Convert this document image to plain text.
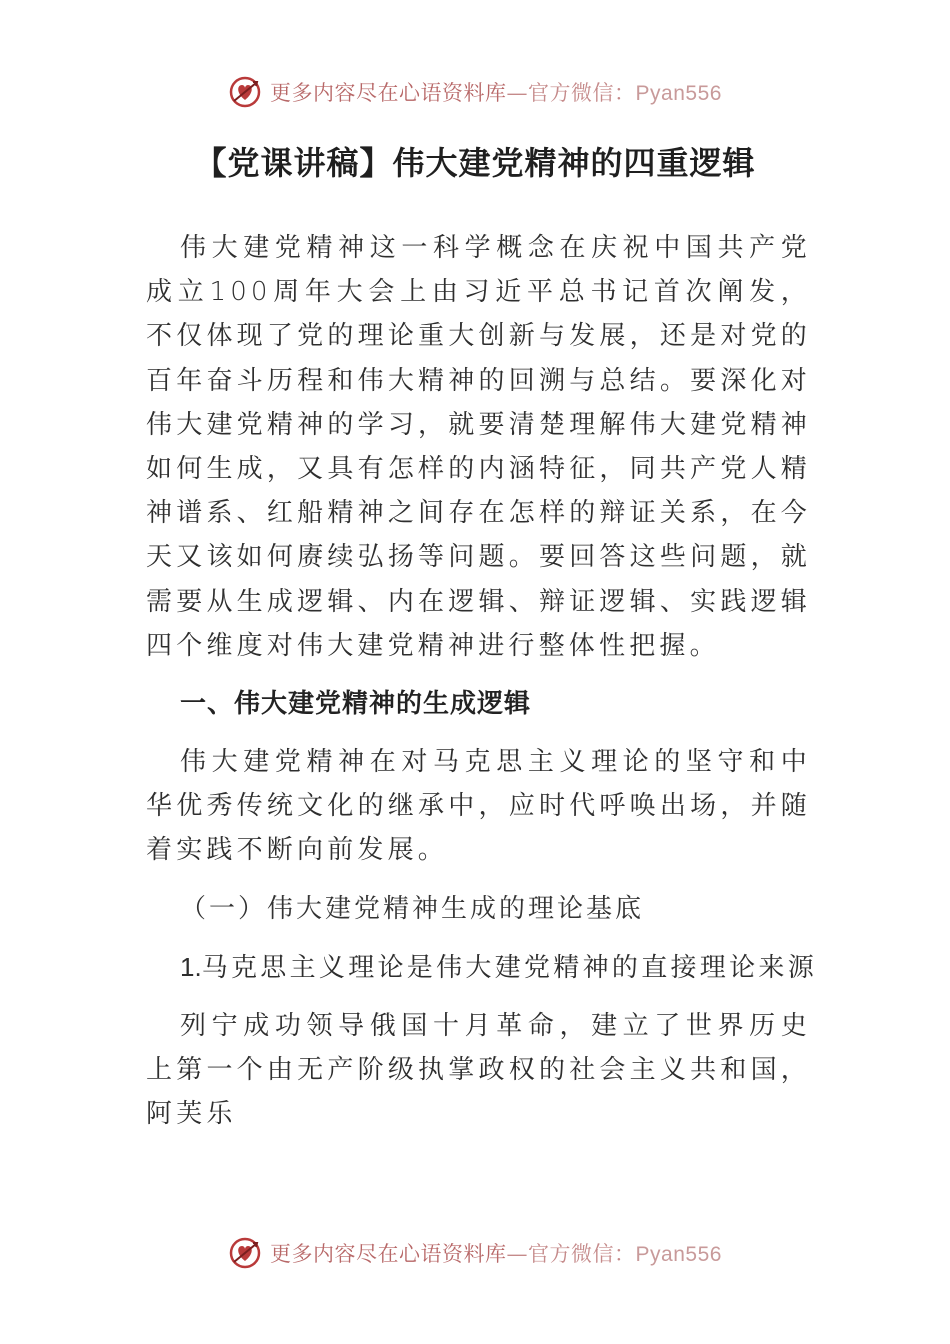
更多内容尽在心语资料库—官方微信：Pyan556
【党课讲稿】伟大建党精神的四重逻辑

伟大建党精神这一科学概念在庆祝中国共产党成立100周年大会上由习近平总书记首次阐发，不仅体现了党的理论重大创新与发展，还是对党的百年奋斗历程和伟大精神的回溯与总结。要深化对伟大建党精神的学习，就要清楚理解伟大建党精神如何生成，又具有怎样的内涵特征，同共产党人精神谱系、红船精神之间存在怎样的辩证关系，在今天又该如何赓续弘扬等问题。要回答这些问题，就需要从生成逻辑、内在逻辑、辩证逻辑、实践逻辑四个维度对伟大建党精神进行整体性把握。

一、伟大建党精神的生成逻辑

伟大建党精神在对马克思主义理论的坚守和中华优秀传统文化的继承中，应时代呼唤出场，并随着实践不断向前发展。

（一）伟大建党精神生成的理论基底

1.马克思主义理论是伟大建党精神的直接理论来源

列宁成功领导俄国十月革命，建立了世界历史上第一个由无产阶级执掌政权的社会主义共和国，阿芙乐

更多内容尽在心语资料库—官方微信：Pyan556
